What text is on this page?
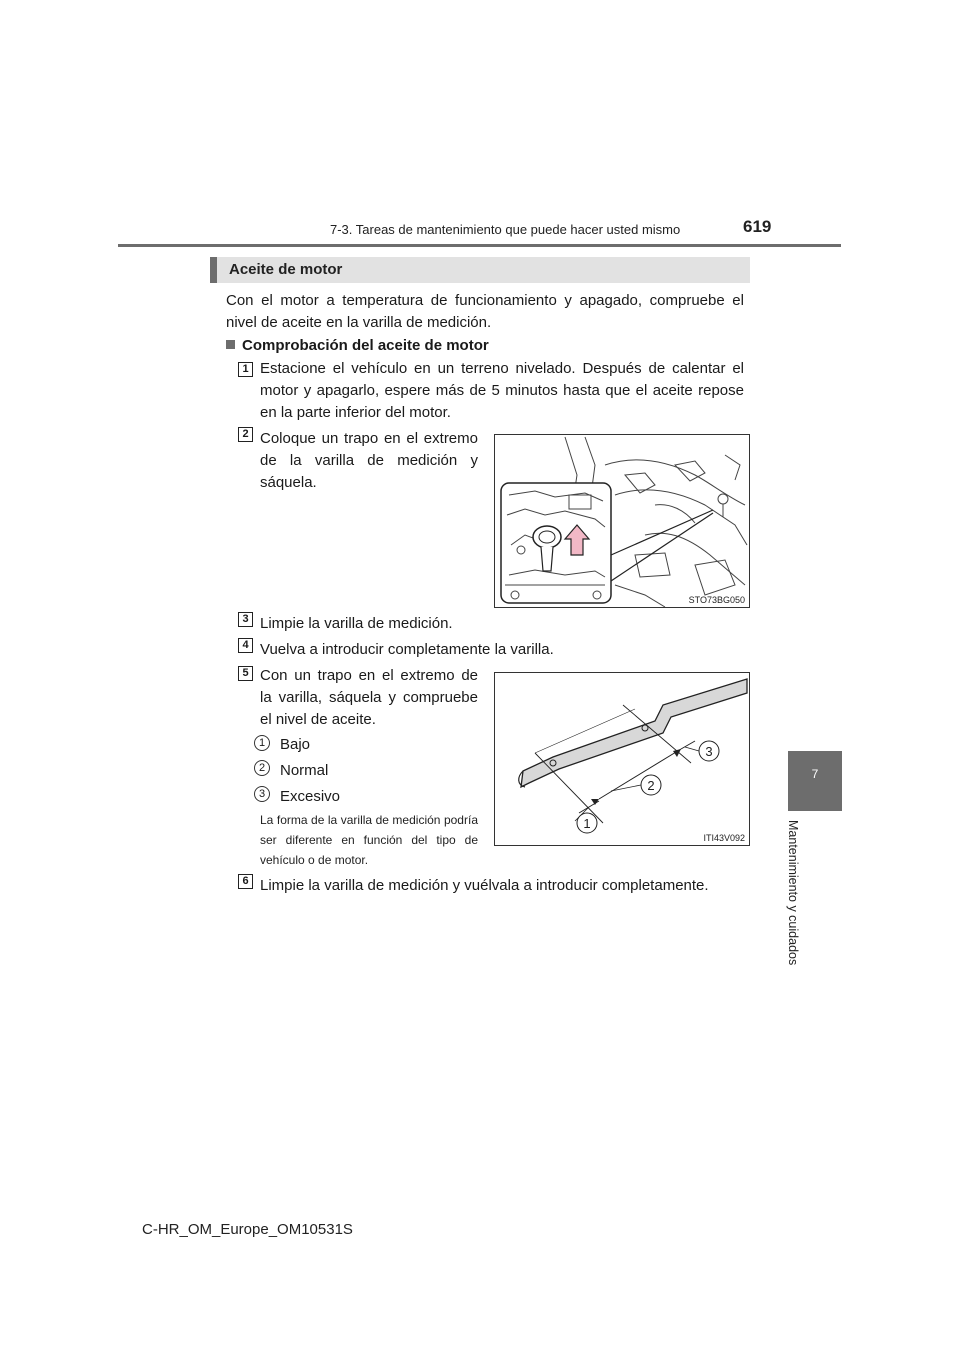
7-3. Tareas de mantenimiento que puede hacer usted mismo	619
7
Mantenimiento y cuidados
Aceite de motor
Con el motor a temperatura de funcionamiento y apagado, compruebe el nivel de aceite en la varilla de medición.
Comprobación del aceite de motor
1 Estacione el vehículo en un terreno nivelado. Después de calentar el motor y apagarlo, espere más de 5 minutos hasta que el aceite repose en la parte inferior del motor.
2 Coloque un trapo en el extremo de la varilla de medición y sáquela.
STO73BG050
3 Limpie la varilla de medición.
4 Vuelva a introducir completamente la varilla.
5 Con un trapo en el extremo de la varilla, sáquela y compruebe el nivel de aceite.
1 Bajo
2 Normal
3 Excesivo
La forma de la varilla de medición podría ser diferente en función del tipo de vehículo o de motor.
1
2
3
ITI43V092
6 Limpie la varilla de medición y vuélvala a introducir completamente.
C-HR_OM_Europe_OM10531S
